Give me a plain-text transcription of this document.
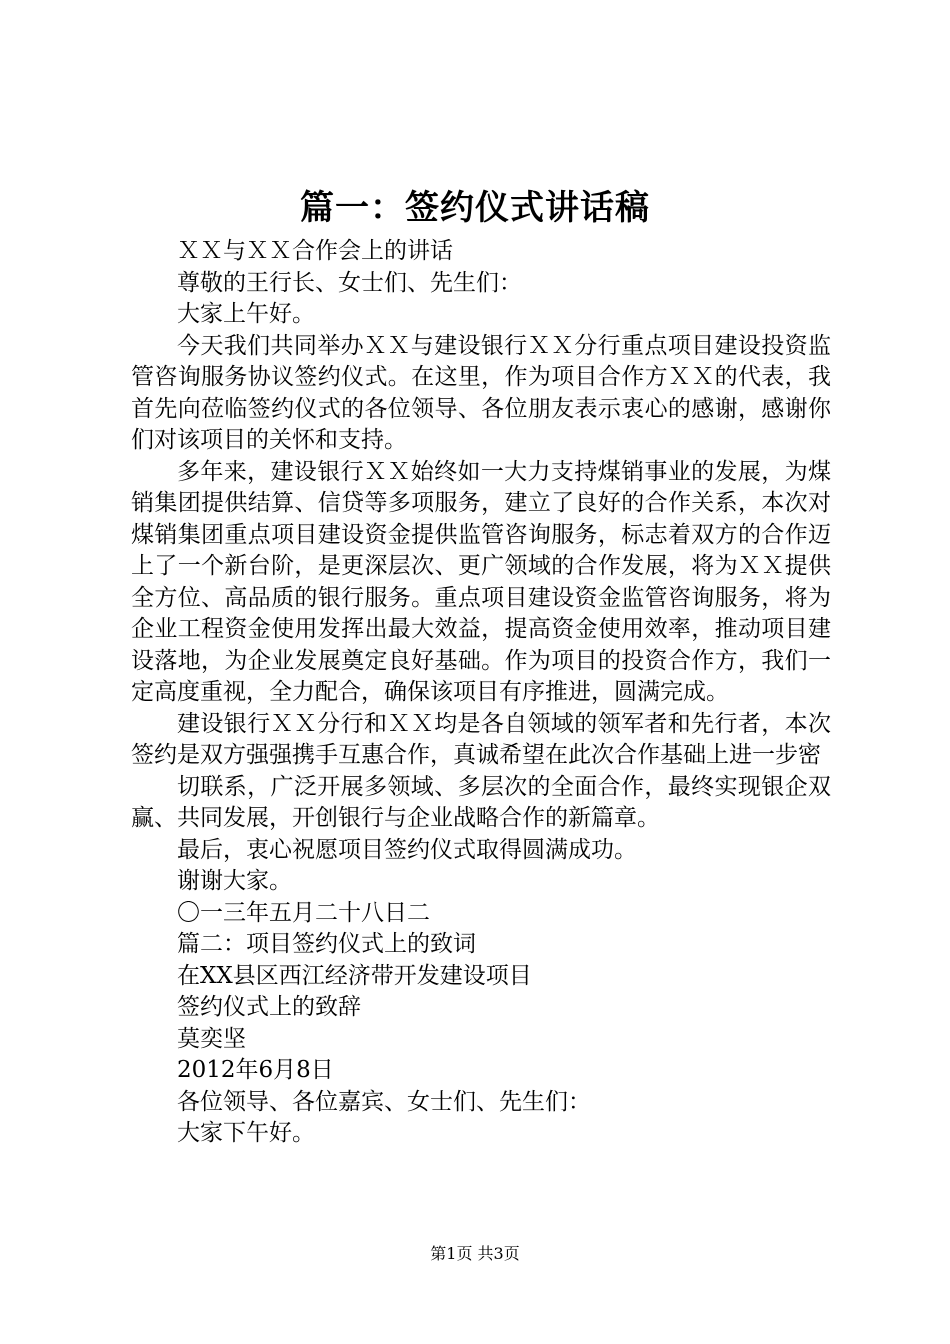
篇一：签约仪式讲话稿

ＸＸ与ＸＸ合作会上的讲话

尊敬的王行长、女士们、先生们：

大家上午好。

今天我们共同举办ＸＸ与建设银行ＸＸ分行重点项目建设投资监管咨询服务协议签约仪式。在这里，作为项目合作方ＸＸ的代表，我首先向莅临签约仪式的各位领导、各位朋友表示衷心的感谢，感谢你们对该项目的关怀和支持。

多年来，建设银行ＸＸ始终如一大力支持煤销事业的发展，为煤销集团提供结算、信贷等多项服务，建立了良好的合作关系，本次对煤销集团重点项目建设资金提供监管咨询服务，标志着双方的合作迈上了一个新台阶，是更深层次、更广领域的合作发展，将为ＸＸ提供全方位、高品质的银行服务。重点项目建设资金监管咨询服务，将为企业工程资金使用发挥出最大效益，提高资金使用效率，推动项目建设落地，为企业发展奠定良好基础。作为项目的投资合作方，我们一定高度重视，全力配合，确保该项目有序推进，圆满完成。

建设银行ＸＸ分行和ＸＸ均是各自领域的领军者和先行者，本次签约是双方强强携手互惠合作，真诚希望在此次合作基础上进一步密

切联系，广泛开展多领域、多层次的全面合作，最终实现银企双赢、共同发展，开创银行与企业战略合作的新篇章。

最后，衷心祝愿项目签约仪式取得圆满成功。

谢谢大家。

〇一三年五月二十八日二

篇二：项目签约仪式上的致词

在XX县区西江经济带开发建设项目

签约仪式上的致辞

莫奕坚

2012年6月8日

各位领导、各位嘉宾、女士们、先生们：

大家下午好。

第1页 共3页
